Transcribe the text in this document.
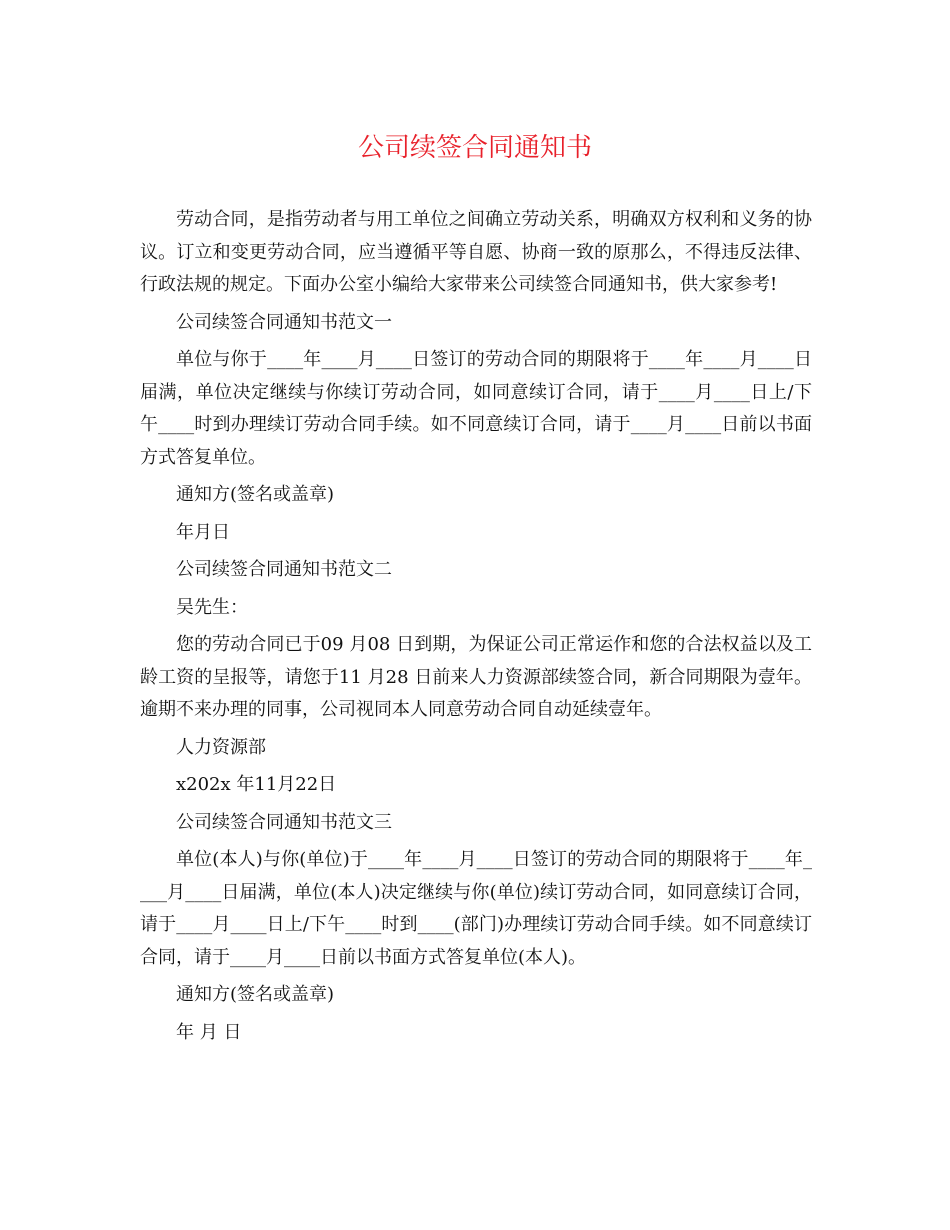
公司续签合同通知书

劳动合同，是指劳动者与用工单位之间确立劳动关系，明确双方权利和义务的协议。订立和变更劳动合同，应当遵循平等自愿、协商一致的原那么，不得违反法律、行政法规的规定。下面办公室小编给大家带来公司续签合同通知书，供大家参考!

公司续签合同通知书范文一

单位与你于____年____月____日签订的劳动合同的期限将于____年____月____日届满，单位决定继续与你续订劳动合同，如同意续订合同，请于____月____日上/下午____时到办理续订劳动合同手续。如不同意续订合同，请于____月____日前以书面方式答复单位。

通知方(签名或盖章)

年月日

公司续签合同通知书范文二

吴先生：

您的劳动合同已于09 月08 日到期，为保证公司正常运作和您的合法权益以及工龄工资的呈报等，请您于11 月28 日前来人力资源部续签合同，新合同期限为壹年。逾期不来办理的同事，公司视同本人同意劳动合同自动延续壹年。

人力资源部

x202x 年11月22日

公司续签合同通知书范文三

单位(本人)与你(单位)于____年____月____日签订的劳动合同的期限将于____年____月____日届满，单位(本人)决定继续与你(单位)续订劳动合同，如同意续订合同，请于____月____日上/下午____时到____(部门)办理续订劳动合同手续。如不同意续订合同，请于____月____日前以书面方式答复单位(本人)。

通知方(签名或盖章)

年 月 日
